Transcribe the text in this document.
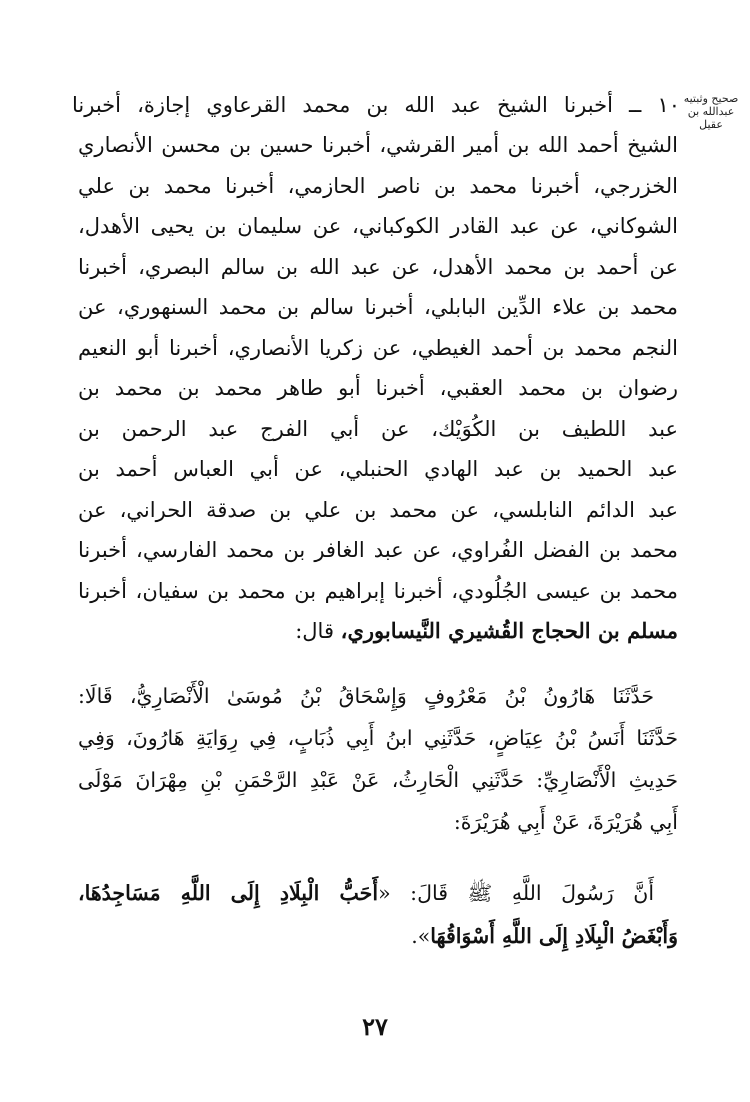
صحيح وثبتيه عبدالله بن عقيل
١٠ ــ أخبرنا الشيخ عبد الله بن محمد القرعاوي إجازة، أخبرنا
الشيخ أحمد الله بن أمير القرشي، أخبرنا حسين بن محسن الأنصاري
الخزرجي، أخبرنا محمد بن ناصر الحازمي، أخبرنا محمد بن علي
الشوكاني، عن عبد القادر الكوكباني، عن سليمان بن يحيى الأهدل،
عن أحمد بن محمد الأهدل، عن عبد الله بن سالم البصري، أخبرنا
محمد بن علاء الدِّين البابلي، أخبرنا سالم بن محمد السنهوري، عن
النجم محمد بن أحمد الغيطي، عن زكريا الأنصاري، أخبرنا أبو النعيم
رضوان بن محمد العقبي، أخبرنا أبو طاهر محمد بن محمد بن
عبد اللطيف بن الكُوَيْك، عن أبي الفرج عبد الرحمن بن
عبد الحميد بن عبد الهادي الحنبلي، عن أبي العباس أحمد بن
عبد الدائم النابلسي، عن محمد بن علي بن صدقة الحراني، عن
محمد بن الفضل الفُراوي، عن عبد الغافر بن محمد الفارسي، أخبرنا
محمد بن عيسى الجُلُودي، أخبرنا إبراهيم بن محمد بن سفيان، أخبرنا
مسلم بن الحجاج القُشيري النَّيسابوري، قال:
حَدَّثَنَا هَارُونُ بْنُ مَعْرُوفٍ وَإِسْحَاقُ بْنُ مُوسَىٰ الْأَنْصَارِيُّ، قَالَا:
حَدَّثَنَا أَنَسُ بْنُ عِيَاضٍ، حَدَّثَنِي ابنُ أَبِي ذُبَابٍ، فِي رِوَايَةِ هَارُونَ، وَفِي
حَدِيثِ الْأَنْصَارِيِّ: حَدَّثَنِي الْحَارِثُ، عَنْ عَبْدِ الرَّحْمَنِ بْنِ مِهْرَانَ مَوْلَى
أَبِي هُرَيْرَةَ، عَنْ أَبِي هُرَيْرَةَ:
أَنَّ رَسُولَ اللَّهِ ﷺ قَالَ: «أَحَبُّ الْبِلَادِ إِلَى اللَّهِ مَسَاجِدُهَا،
وَأَبْغَضُ الْبِلَادِ إِلَى اللَّهِ أَسْوَاقُهَا».
٢٧
